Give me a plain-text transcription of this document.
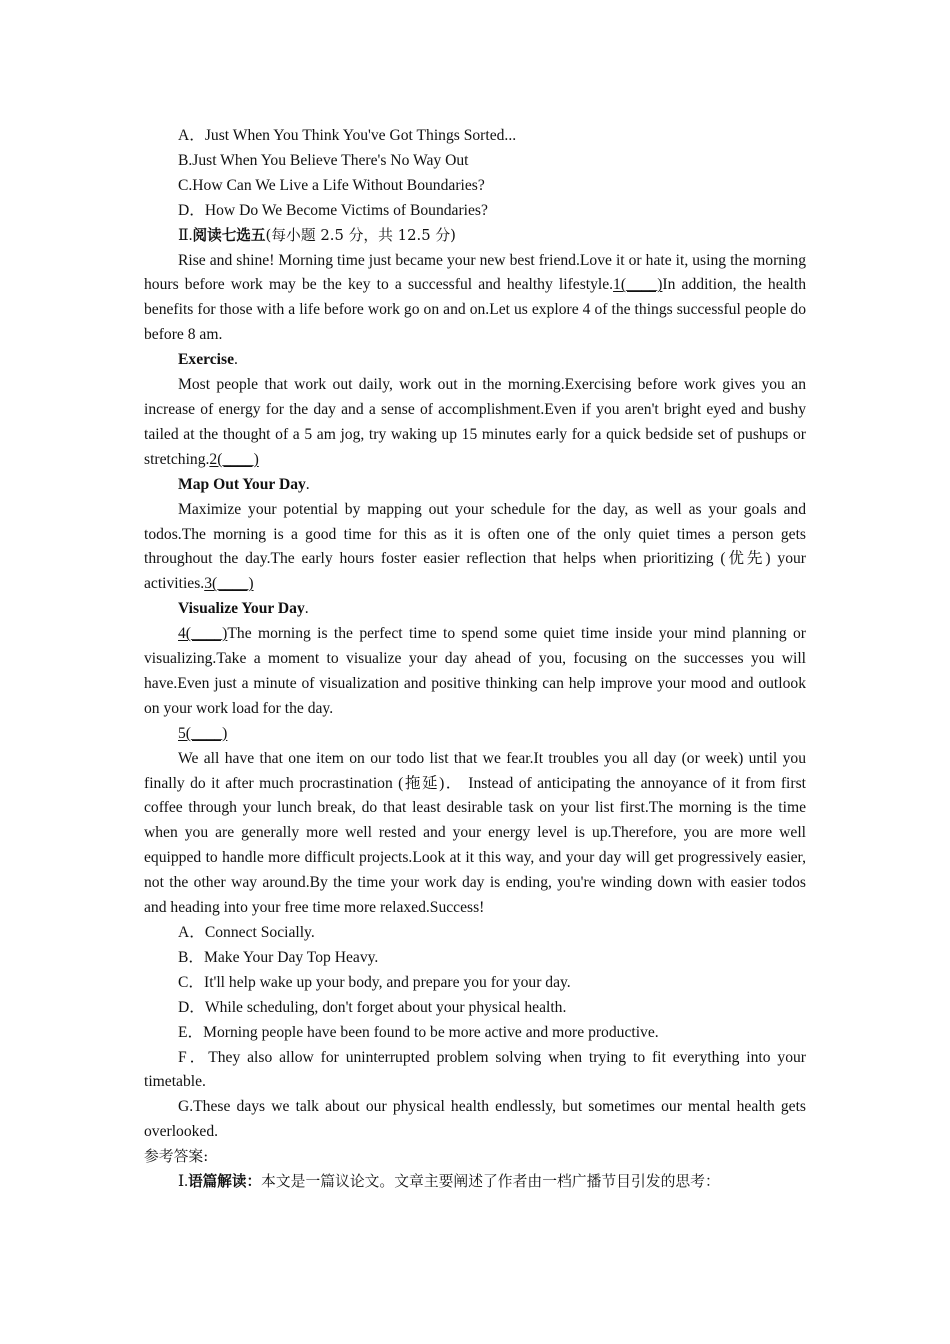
A．Just When You Think You've Got Things Sorted...

B.Just When You Believe There's No Way Out

C.How Can We Live a Life Without Boundaries?

D．How Do We Become Victims of Boundaries?

Ⅱ.阅读七选五(每小题 2.5 分，共 12.5 分)

Rise and shine! Morning time just became your new best friend.Love it or hate it, using the morning hours before work may be the key to a successful and healthy lifestyle.1(____)In addition, the health benefits for those with a life before work go on and on.Let us explore 4 of the things successful people do before 8 am.

Exercise.

Most people that work out daily, work out in the morning.Exercising before work gives you an increase of energy for the day and a sense of accomplishment.Even if you aren't bright eyed and bushy tailed at the thought of a 5 am jog, try waking up 15 minutes early for a quick bedside set of pushups or stretching.2(____)

Map Out Your Day.

Maximize your potential by mapping out your schedule for the day, as well as your goals and todos.The morning is a good time for this as it is often one of the only quiet times a person gets throughout the day.The early hours foster easier reflection that helps when prioritizing (优先) your activities.3(____)

Visualize Your Day.

4(____)The morning is the perfect time to spend some quiet time inside your mind planning or visualizing.Take a moment to visualize your day ahead of you, focusing on the successes you will have.Even just a minute of visualization and positive thinking can help improve your mood and outlook on your work load for the day.

5(____)

We all have that one item on our todo list that we fear.It troubles you all day (or week) until you finally do it after much procrastination (拖延)． Instead of anticipating the annoyance of it from first coffee through your lunch break, do that least desirable task on your list first.The morning is the time when you are generally more well rested and your energy level is up.Therefore, you are more well equipped to handle more difficult projects.Look at it this way, and your day will get progressively easier, not the other way around.By the time your work day is ending, you're winding down with easier todos and heading into your free time more relaxed.Success!

A．Connect Socially.

B．Make Your Day Top Heavy.

C．It'll help wake up your body, and prepare you for your day.

D．While scheduling, don't forget about your physical health.

E．Morning people have been found to be more active and more productive.

F．They also allow for uninterrupted problem solving when trying to fit everything into your timetable.

G.These days we talk about our physical health endlessly, but sometimes our mental health gets overlooked.

参考答案:

Ⅰ.语篇解读：本文是一篇议论文。文章主要阐述了作者由一档广播节目引发的思考：
